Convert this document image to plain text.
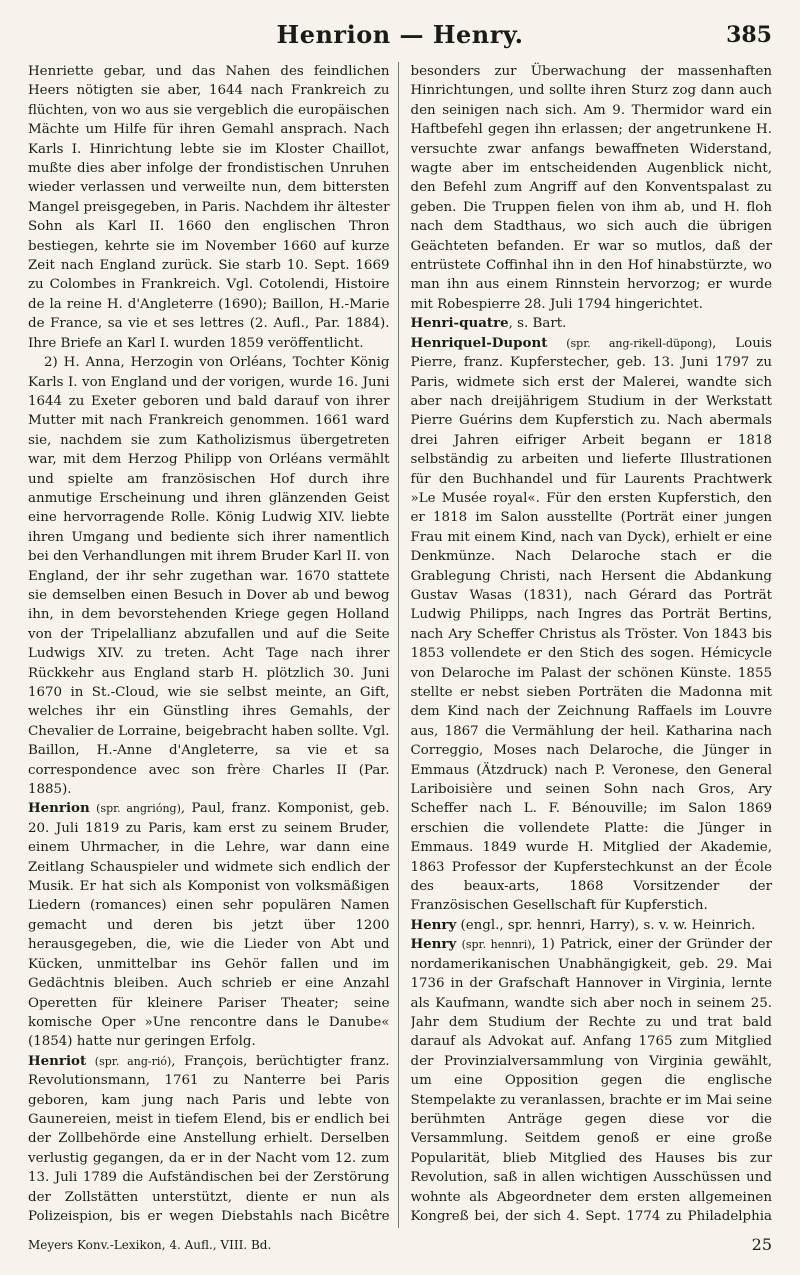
Henrion — Henry.	385

Henriette gebar, und das Nahen des feindlichen Heers nötigten sie aber, 1644 nach Frankreich zu flüchten, von wo aus sie vergeblich die europäischen Mächte um Hilfe für ihren Gemahl ansprach. Nach Karls I. Hinrichtung lebte sie im Kloster Chaillot, mußte dies aber infolge der frondistischen Unruhen wieder verlassen und verweilte nun, dem bittersten Mangel preisgegeben, in Paris. Nachdem ihr ältester Sohn als Karl II. 1660 den englischen Thron bestiegen, kehrte sie im November 1660 auf kurze Zeit nach England zurück. Sie starb 10. Sept. 1669 zu Colombes in Frankreich. Vgl. Cotolendi, Histoire de la reine H. d'Angleterre (1690); Baillon, H.-Marie de France, sa vie et ses lettres (2. Aufl., Par. 1884). Ihre Briefe an Karl I. wurden 1859 veröffentlicht.

2) H. Anna, Herzogin von Orléans, Tochter König Karls I. von England und der vorigen, wurde 16. Juni 1644 zu Exeter geboren und bald darauf von ihrer Mutter mit nach Frankreich genommen. 1661 ward sie, nachdem sie zum Katholizismus übergetreten war, mit dem Herzog Philipp von Orléans vermählt und spielte am französischen Hof durch ihre anmutige Erscheinung und ihren glänzenden Geist eine hervorragende Rolle. König Ludwig XIV. liebte ihren Umgang und bediente sich ihrer namentlich bei den Verhandlungen mit ihrem Bruder Karl II. von England, der ihr sehr zugethan war. 1670 stattete sie demselben einen Besuch in Dover ab und bewog ihn, in dem bevorstehenden Kriege gegen Holland von der Tripelallianz abzufallen und auf die Seite Ludwigs XIV. zu treten. Acht Tage nach ihrer Rückkehr aus England starb H. plötzlich 30. Juni 1670 in St.-Cloud, wie sie selbst meinte, an Gift, welches ihr ein Günstling ihres Gemahls, der Chevalier de Lorraine, beigebracht haben sollte. Vgl. Baillon, H.-Anne d'Angleterre, sa vie et sa correspondence avec son frère Charles II (Par. 1885).

Henrion (spr. angrióng), Paul, franz. Komponist, geb. 20. Juli 1819 zu Paris, kam erst zu seinem Bruder, einem Uhrmacher, in die Lehre, war dann eine Zeitlang Schauspieler und widmete sich endlich der Musik. Er hat sich als Komponist von volksmäßigen Liedern (romances) einen sehr populären Namen gemacht und deren bis jetzt über 1200 herausgegeben, die, wie die Lieder von Abt und Kücken, unmittelbar ins Gehör fallen und im Gedächtnis bleiben. Auch schrieb er eine Anzahl Operetten für kleinere Pariser Theater; seine komische Oper »Une rencontre dans le Danube« (1854) hatte nur geringen Erfolg.

Henriot (spr. ang-rió), François, berüchtigter franz. Revolutionsmann, 1761 zu Nanterre bei Paris geboren, kam jung nach Paris und lebte von Gaunereien, meist in tiefem Elend, bis er endlich bei der Zollbehörde eine Anstellung erhielt. Derselben verlustig gegangen, da er in der Nacht vom 12. zum 13. Juli 1789 die Aufständischen bei der Zerstörung der Zollstätten unterstützt, diente er nun als Polizeispion, bis er wegen Diebstahls nach Bicêtre

besonders zur Überwachung der massenhaften Hinrichtungen, und sollte ihren Sturz zog dann auch den seinigen nach sich. Am 9. Thermidor ward ein Haftbefehl gegen ihn erlassen; der angetrunkene H. versuchte zwar anfangs bewaffneten Widerstand, wagte aber im entscheidenden Augenblick nicht, den Befehl zum Angriff auf den Konventspalast zu geben. Die Truppen fielen von ihm ab, und H. floh nach dem Stadthaus, wo sich auch die übrigen Geächteten befanden. Er war so mutlos, daß der entrüstete Coffinhal ihn in den Hof hinabstürzte, wo man ihn aus einem Rinnstein hervorzog; er wurde mit Robespierre 28. Juli 1794 hingerichtet.

Henri-quatre, s. Bart.

Henriquel-Dupont (spr. ang-rikell-düpong), Louis Pierre, franz. Kupferstecher, geb. 13. Juni 1797 zu Paris, widmete sich erst der Malerei, wandte sich aber nach dreijährigem Studium in der Werkstatt Pierre Guérins dem Kupferstich zu. Nach abermals drei Jahren eifriger Arbeit begann er 1818 selbständig zu arbeiten und lieferte Illustrationen für den Buchhandel und für Laurents Prachtwerk »Le Musée royal«. Für den ersten Kupferstich, den er 1818 im Salon ausstellte (Porträt einer jungen Frau mit einem Kind, nach van Dyck), erhielt er eine Denkmünze. Nach Delaroche stach er die Grablegung Christi, nach Hersent die Abdankung Gustav Wasas (1831), nach Gérard das Porträt Ludwig Philipps, nach Ingres das Porträt Bertins, nach Ary Scheffer Christus als Tröster. Von 1843 bis 1853 vollendete er den Stich des sogen. Hémicycle von Delaroche im Palast der schönen Künste. 1855 stellte er nebst sieben Porträten die Madonna mit dem Kind nach der Zeichnung Raffaels im Louvre aus, 1867 die Vermählung der heil. Katharina nach Correggio, Moses nach Delaroche, die Jünger in Emmaus (Ätzdruck) nach P. Veronese, den General Lariboisière und seinen Sohn nach Gros, Ary Scheffer nach L. F. Bénouville; im Salon 1869 erschien die vollendete Platte: die Jünger in Emmaus. 1849 wurde H. Mitglied der Akademie, 1863 Professor der Kupferstechkunst an der École des beaux-arts, 1868 Vorsitzender der Französischen Gesellschaft für Kupferstich.

Henry (engl., spr. hennri, Harry), s. v. w. Heinrich.

Henry (spr. hennri), 1) Patrick, einer der Gründer der nordamerikanischen Unabhängigkeit, geb. 29. Mai 1736 in der Grafschaft Hannover in Virginia, lernte als Kaufmann, wandte sich aber noch in seinem 25. Jahr dem Studium der Rechte zu und trat bald darauf als Advokat auf. Anfang 1765 zum Mitglied der Provinzialversammlung von Virginia gewählt, um eine Opposition gegen die englische Stempelakte zu veranlassen, brachte er im Mai seine berühmten Anträge gegen diese vor die Versammlung. Seitdem genoß er eine große Popularität, blieb Mitglied des Hauses bis zur Revolution, saß in allen wichtigen Ausschüssen und wohnte als Abgeordneter dem ersten allgemeinen Kongreß bei, der sich 4. Sept. 1774 zu Philadelphia

Meyers Konv.-Lexikon, 4. Aufl., VIII. Bd.	25
